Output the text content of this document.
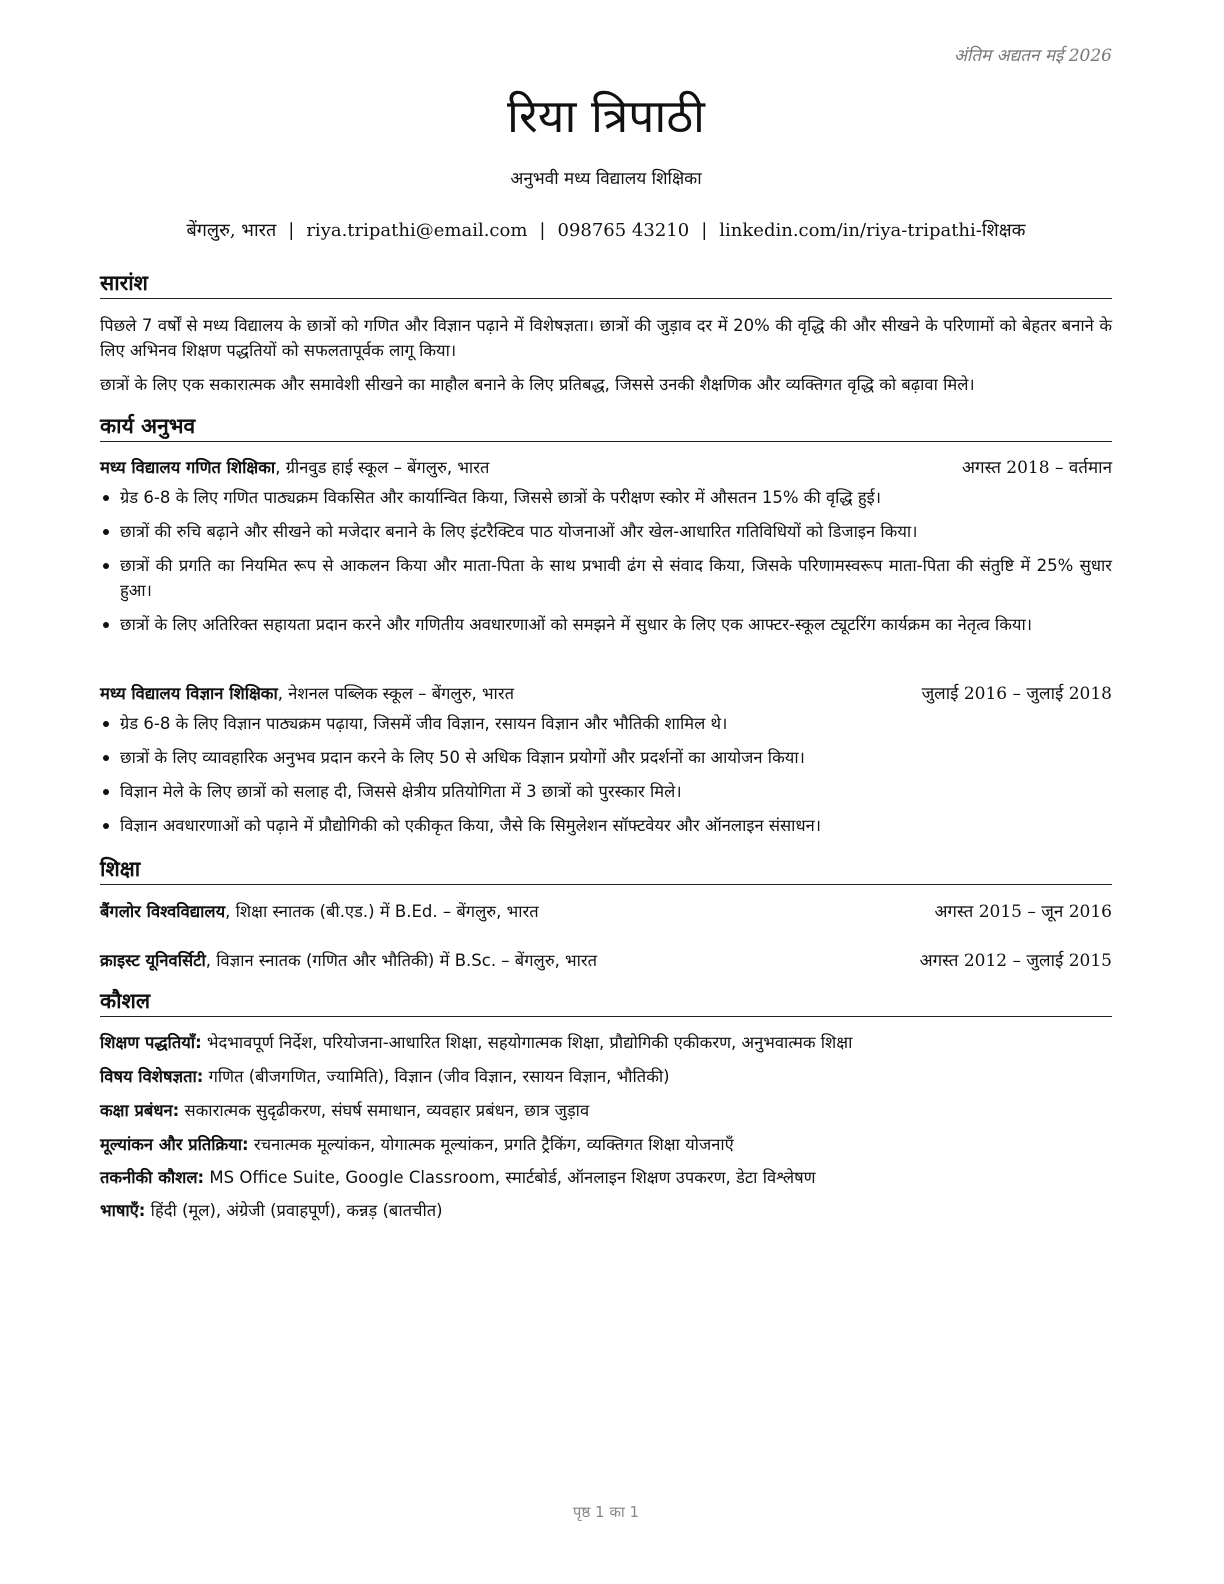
अंतिम अद्यतन मई 2026
रिया त्रिपाठी
अनुभवी मध्य विद्यालय शिक्षिका
बेंगलुरु, भारत | riya.tripathi@email.com | 098765 43210 | linkedin.com/in/riya-tripathi-शिक्षक
सारांश
पिछले 7 वर्षों से मध्य विद्यालय के छात्रों को गणित और विज्ञान पढ़ाने में विशेषज्ञता। छात्रों की जुड़ाव दर में 20% की वृद्धि की और सीखने के परिणामों को बेहतर बनाने के लिए अभिनव शिक्षण पद्धतियों को सफलतापूर्वक लागू किया।
छात्रों के लिए एक सकारात्मक और समावेशी सीखने का माहौल बनाने के लिए प्रतिबद्ध, जिससे उनकी शैक्षणिक और व्यक्तिगत वृद्धि को बढ़ावा मिले।
कार्य अनुभव
मध्य विद्यालय गणित शिक्षिका, ग्रीनवुड हाई स्कूल – बेंगलुरु, भारत	अगस्त 2018 – वर्तमान
ग्रेड 6-8 के लिए गणित पाठ्यक्रम विकसित और कार्यान्वित किया, जिससे छात्रों के परीक्षण स्कोर में औसतन 15% की वृद्धि हुई।
छात्रों की रुचि बढ़ाने और सीखने को मजेदार बनाने के लिए इंटरैक्टिव पाठ योजनाओं और खेल-आधारित गतिविधियों को डिजाइन किया।
छात्रों की प्रगति का नियमित रूप से आकलन किया और माता-पिता के साथ प्रभावी ढंग से संवाद किया, जिसके परिणामस्वरूप माता-पिता की संतुष्टि में 25% सुधार हुआ।
छात्रों के लिए अतिरिक्त सहायता प्रदान करने और गणितीय अवधारणाओं को समझने में सुधार के लिए एक आफ्टर-स्कूल ट्यूटरिंग कार्यक्रम का नेतृत्व किया।
मध्य विद्यालय विज्ञान शिक्षिका, नेशनल पब्लिक स्कूल – बेंगलुरु, भारत	जुलाई 2016 – जुलाई 2018
ग्रेड 6-8 के लिए विज्ञान पाठ्यक्रम पढ़ाया, जिसमें जीव विज्ञान, रसायन विज्ञान और भौतिकी शामिल थे।
छात्रों के लिए व्यावहारिक अनुभव प्रदान करने के लिए 50 से अधिक विज्ञान प्रयोगों और प्रदर्शनों का आयोजन किया।
विज्ञान मेले के लिए छात्रों को सलाह दी, जिससे क्षेत्रीय प्रतियोगिता में 3 छात्रों को पुरस्कार मिले।
विज्ञान अवधारणाओं को पढ़ाने में प्रौद्योगिकी को एकीकृत किया, जैसे कि सिमुलेशन सॉफ्टवेयर और ऑनलाइन संसाधन।
शिक्षा
बैंगलोर विश्वविद्यालय, शिक्षा स्नातक (बी.एड.) में B.Ed. – बेंगलुरु, भारत	अगस्त 2015 – जून 2016
क्राइस्ट यूनिवर्सिटी, विज्ञान स्नातक (गणित और भौतिकी) में B.Sc. – बेंगलुरु, भारत	अगस्त 2012 – जुलाई 2015
कौशल
शिक्षण पद्धतियाँ: भेदभावपूर्ण निर्देश, परियोजना-आधारित शिक्षा, सहयोगात्मक शिक्षा, प्रौद्योगिकी एकीकरण, अनुभवात्मक शिक्षा
विषय विशेषज्ञता: गणित (बीजगणित, ज्यामिति), विज्ञान (जीव विज्ञान, रसायन विज्ञान, भौतिकी)
कक्षा प्रबंधन: सकारात्मक सुदृढीकरण, संघर्ष समाधान, व्यवहार प्रबंधन, छात्र जुड़ाव
मूल्यांकन और प्रतिक्रिया: रचनात्मक मूल्यांकन, योगात्मक मूल्यांकन, प्रगति ट्रैकिंग, व्यक्तिगत शिक्षा योजनाएँ
तकनीकी कौशल: MS Office Suite, Google Classroom, स्मार्टबोर्ड, ऑनलाइन शिक्षण उपकरण, डेटा विश्लेषण
भाषाएँ: हिंदी (मूल), अंग्रेजी (प्रवाहपूर्ण), कन्नड़ (बातचीत)
पृष्ठ 1 का 1
